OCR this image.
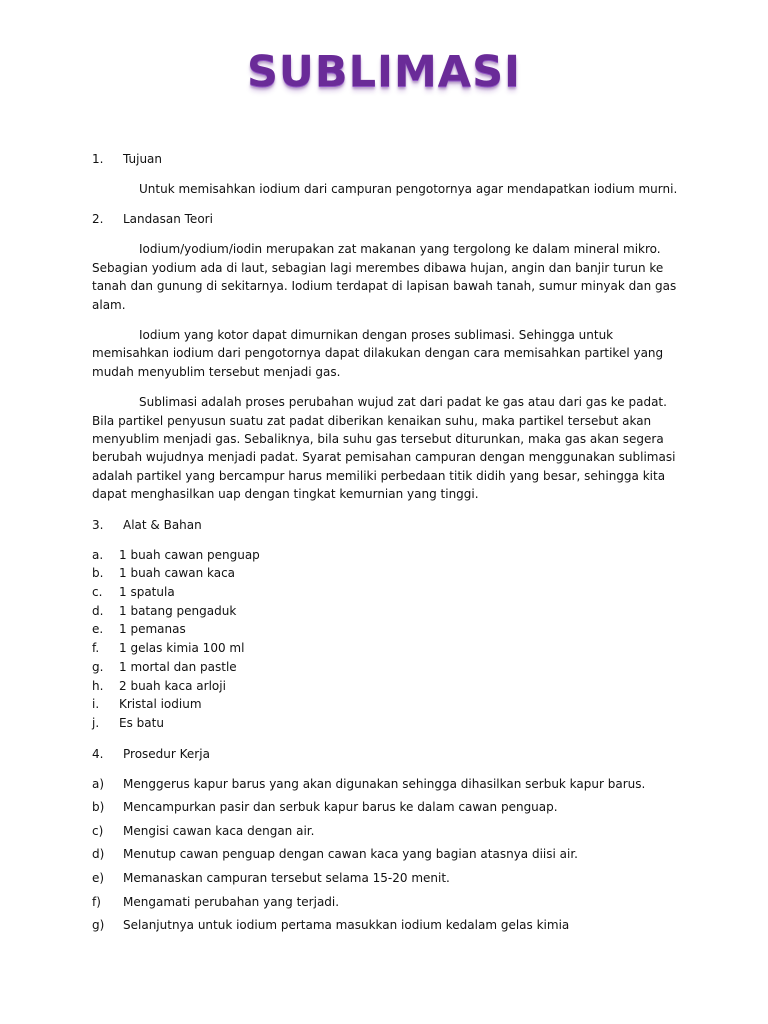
SUBLIMASI
1. Tujuan

Untuk memisahkan iodium dari campuran pengotornya agar mendapatkan iodium murni.

2. Landasan Teori

Iodium/yodium/iodin merupakan zat makanan yang tergolong ke dalam mineral mikro. Sebagian yodium ada di laut, sebagian lagi merembes dibawa hujan, angin dan banjir turun ke tanah dan gunung di sekitarnya. Iodium terdapat di lapisan bawah tanah, sumur minyak dan gas alam.

Iodium yang kotor dapat dimurnikan dengan proses sublimasi. Sehingga untuk memisahkan iodium dari pengotornya dapat dilakukan dengan cara memisahkan partikel yang mudah menyublim tersebut menjadi gas.

Sublimasi adalah proses perubahan wujud zat dari padat ke gas atau dari gas ke padat. Bila partikel penyusun suatu zat padat diberikan kenaikan suhu, maka partikel tersebut akan menyublim menjadi gas. Sebaliknya, bila suhu gas tersebut diturunkan, maka gas akan segera berubah wujudnya menjadi padat. Syarat pemisahan campuran dengan menggunakan sublimasi adalah partikel yang bercampur harus memiliki perbedaan titik didih yang besar, sehingga kita dapat menghasilkan uap dengan tingkat kemurnian yang tinggi.

3. Alat & Bahan
a. 1 buah cawan penguap
b. 1 buah cawan kaca
c. 1 spatula
d. 1 batang pengaduk
e. 1 pemanas
f. 1 gelas kimia 100 ml
g. 1 mortal dan pastle
h. 2 buah kaca arloji
i. Kristal iodium
j. Es batu
4. Prosedur Kerja
a) Menggerus kapur barus yang akan digunakan sehingga dihasilkan serbuk kapur barus.
b) Mencampurkan pasir dan serbuk kapur barus ke dalam cawan penguap.
c) Mengisi cawan kaca dengan air.
d) Menutup cawan penguap dengan cawan kaca yang bagian atasnya diisi air.
e) Memanaskan campuran tersebut selama 15-20 menit.
f) Mengamati perubahan yang terjadi.
g) Selanjutnya untuk iodium pertama masukkan iodium kedalam gelas kimia
